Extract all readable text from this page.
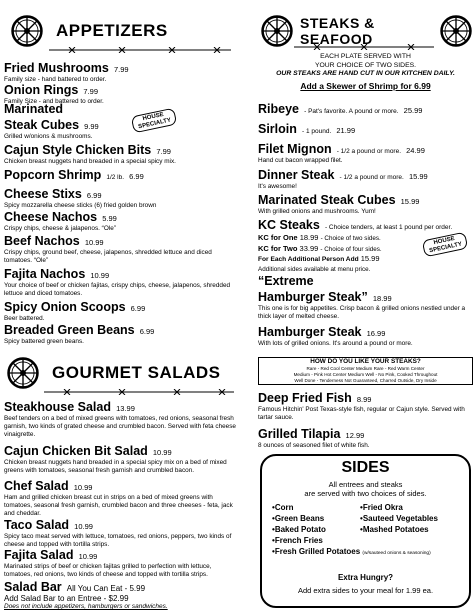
APPETIZERS
Fried Mushrooms 7.99
Family size - hand battered to order.
Onion Rings 7.99
Family Size - and battered to order.
Marinated
Steak Cubes 9.99
Grilled w/onions & mushrooms.
HOUSE SPECIALTY
Cajun Style Chicken Bits 7.99
Chicken breast nuggets hand breaded in a special spicy mix.
Popcorn Shrimp 1/2 lb. 6.99
Cheese Stixs 6.99
Spicy mozzarella cheese sticks (6) fried golden brown
Cheese Nachos 5.99
Crispy chips, cheese & jalapenos. “Ole”
Beef Nachos 10.99
Crispy chips, ground beef, cheese, jalapenos, shredded lettuce and diced tomatoes. “Ole”
Fajita Nachos 10.99
Your choice of beef or chicken fajitas, crispy chips, cheese, jalapenos, shredded lettuce and diced tomatoes.
Spicy Onion Scoops 6.99
Beer battered.
Breaded Green Beans 6.99
Spicy battered green beans.
GOURMET SALADS
Steakhouse Salad 13.99
Beef tenders on a bed of mixed greens with tomatoes, red onions, seasonal fresh garnish, two kinds of grated cheese and crumbled bacon. Served with feta cheese vinaigrette.
Cajun Chicken Bit Salad 10.99
Chicken breast nuggets hand breaded in a special spicy mix on a bed of mixed greens with tomatoes, seasonal fresh garnish and crumbled bacon.
Chef Salad 10.99
Ham and grilled chicken breast cut in strips on a bed of mixed greens with tomatoes, seasonal fresh garnish, crumbled bacon and three cheeses - feta, jack and cheddar.
Taco Salad 10.99
Spicy taco meat served with lettuce, tomatoes, red onions, peppers, two kinds of cheese and topped with tortilla strips.
Fajita Salad 10.99
Marinated strips of beef or chicken fajitas grilled to perfection with lettuce, tomatoes, red onions, two kinds of cheese and topped with tortilla strips.
Salad Bar All You Can Eat - 5.99
Add Salad Bar to an Entree - $2.99
Does not include appetizers, hamburgers or sandwiches.
STEAKS & SEAFOOD
EACH PLATE SERVED WITH
YOUR CHOICE OF TWO SIDES.
OUR STEAKS ARE HAND CUT IN OUR KITCHEN DAILY.
Add a Skewer of Shrimp for 6.99
Ribeye - Pat's favorite. A pound or more. 25.99
Sirloin - 1 pound. 21.99
Filet Mignon - 1/2 a pound or more. 24.99
Hand cut bacon wrapped filet.
Dinner Steak - 1/2 a pound or more. 15.99
It's awesome!
Marinated Steak Cubes 15.99
With grilled onions and mushrooms. Yum!
KC Steaks - Choice tenders, at least 1 pound per order.
KC for One 18.99 - Choice of two sides.
KC for Two 33.99 - Choice of four sides.
For Each Additional Person Add 15.99
Additional sides available at menu price.
HOUSE SPECIALTY
“Extreme
Hamburger Steak” 18.99
This one is for big appetites. Crisp bacon & grilled onions nestled under a thick layer of melted cheese.
Hamburger Steak 16.99
With lots of grilled onions. It's around a pound or more.
HOW DO YOU LIKE YOUR STEAKS?
Rare - Red Cool Center Medium Rare - Red Warm Center
Medium - Pink Hot Center Medium Well - No Pink, Cooked Throughout
Well Done - Tenderness Not Guaranteed, Charred Outside, Dry Inside
Deep Fried Fish 8.99
Famous Hitchin' Post Texas-style fish, regular or Cajun style. Served with tartar sauce.
Grilled Tilapia 12.99
8 ounces of seasoned filet of white fish.
SIDES
All entrees and steaks
are served with two choices of sides.
•Corn
•Green Beans
•Baked Potato
•French Fries
•Fresh Grilled Potatoes (w/sauteed onions & seasoning)
•Fried Okra
•Sauteed Vegetables
•Mashed Potatoes
Extra Hungry?
Add extra sides to your meal for 1.99 ea.
